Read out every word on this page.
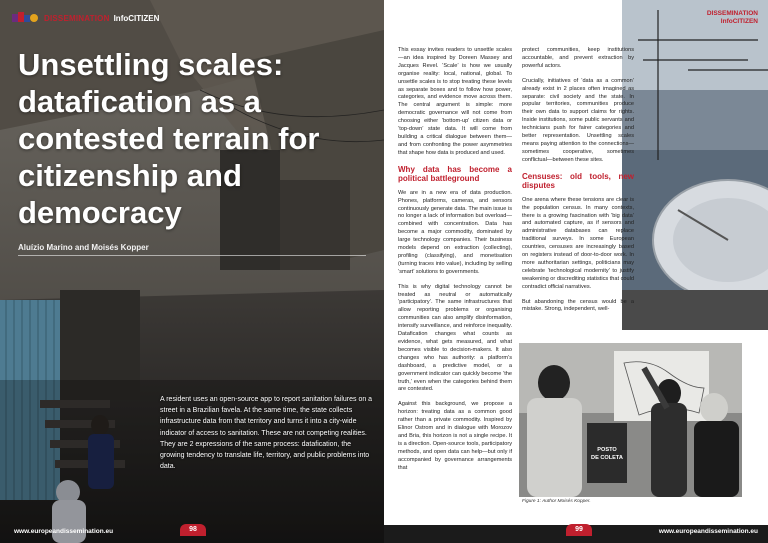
DISSEMINATION InfoCITIZEN
Unsettling scales: datafication as a contested terrain for citizenship and democracy
Aluízio Marino and Moisés Kopper

A resident uses an open-source app to report sanitation failures on a street in a Brazilian favela. At the same time, the state collects infrastructure data from that territory and turns it into a city-wide indicator of access to sanitation. These are not competing realities. They are 2 expressions of the same process: datafication, the growing tendency to translate life, territory, and public problems into data.

www.europeandissemination.eu	98
DISSEMINATION
InfoCITIZEN

This essay invites readers to unsettle scales—an idea inspired by Doreen Massey and Jacques Revel. ‘Scale’ is how we usually organise reality: local, national, global. To unsettle scales is to stop treating these levels as separate boxes and to follow how power, categories, and evidence move across them. The central argument is simple: more democratic governance will not come from choosing either ‘bottom-up’ citizen data or ‘top-down’ state data. It will come from building a critical dialogue between them—and from confronting the power asymmetries that shape how data is produced and used.

Why data has become a political battleground

We are in a new era of data production. Phones, platforms, cameras, and sensors continuously generate data. The main issue is no longer a lack of information but overload—combined with concentration. Data has become a major commodity, dominated by large technology companies. Their business models depend on extraction (collecting), profiling (classifying), and monetisation (turning traces into value), including by selling ‘smart’ solutions to governments.

This is why digital technology cannot be treated as neutral or automatically ‘participatory’. The same infrastructures that allow reporting problems or organising communities can also amplify disinformation, intensify surveillance, and reinforce inequality. Datafication changes what counts as evidence, what gets measured, and what becomes visible to decision-makers. It also changes who has authority: a platform’s dashboard, a predictive model, or a government indicator can quickly become ‘the truth,’ even when the categories behind them are contested.

Against this background, we propose a horizon: treating data as a common good rather than a private commodity. Inspired by Elinor Ostrom and in dialogue with Morozov and Bria, this horizon is not a single recipe. It is a direction. Open-source tools, participatory methods, and open data can help—but only if accompanied by governance arrangements that

protect communities, keep institutions accountable, and prevent extraction by powerful actors.

Crucially, initiatives of ‘data as a common’ already exist in 2 places often imagined as separate: civil society and the state. In popular territories, communities produce their own data to support claims for rights. Inside institutions, some public servants and technicians push for fairer categories and better representation. Unsettling scales means paying attention to the connections—sometimes cooperative, sometimes conflictual—between these sites.

Censuses: old tools, new disputes

One arena where these tensions are clear is the population census. In many contexts, there is a growing fascination with ‘big data’ and automated capture, as if sensors and administrative databases can replace traditional surveys. In some European countries, censuses are increasingly based on registers instead of door-to-door work. In more authoritarian settings, politicians may celebrate ‘technological modernity’ to justify weakening or discrediting statistics that could contradict official narratives.

But abandoning the census would be a mistake. Strong, independent, well-

POSTO
DE COLETA
Figure 1: Author Moisés Kopper.
99	www.europeandissemination.eu
